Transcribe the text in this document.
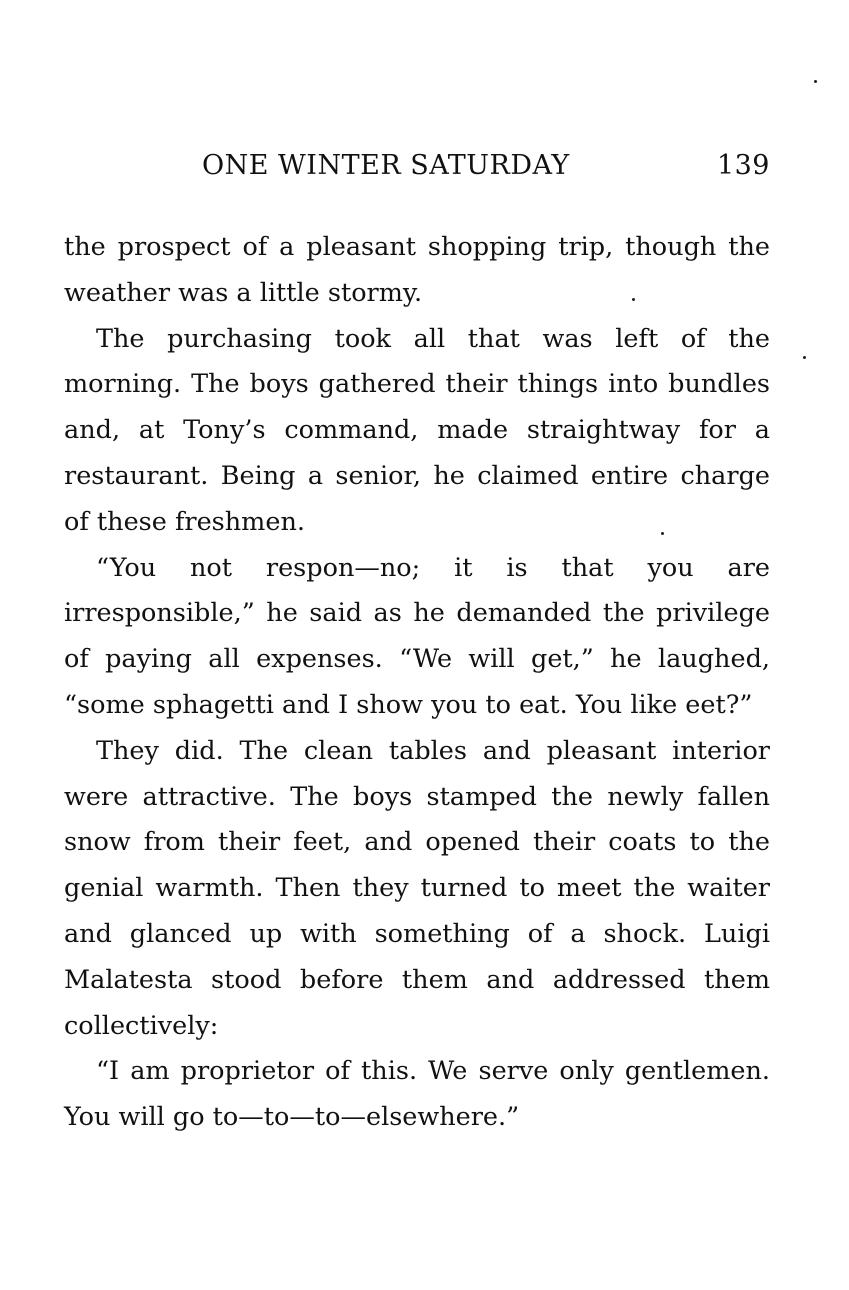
ONE WINTER SATURDAY	139

the prospect of a pleasant shopping trip, though the weather was a little stormy.

The purchasing took all that was left of the morning. The boys gathered their things into bundles and, at Tony’s command, made straightway for a restaurant. Being a senior, he claimed entire charge of these freshmen.

“You not respon—no; it is that you are irresponsible,” he said as he demanded the privilege of paying all expenses. “We will get,” he laughed, “some sphagetti and I show you to eat. You like eet?”

They did. The clean tables and pleasant interior were attractive. The boys stamped the newly fallen snow from their feet, and opened their coats to the genial warmth. Then they turned to meet the waiter and glanced up with something of a shock. Luigi Malatesta stood before them and addressed them collectively:

“I am proprietor of this. We serve only gentlemen. You will go to—to—to—elsewhere.”
